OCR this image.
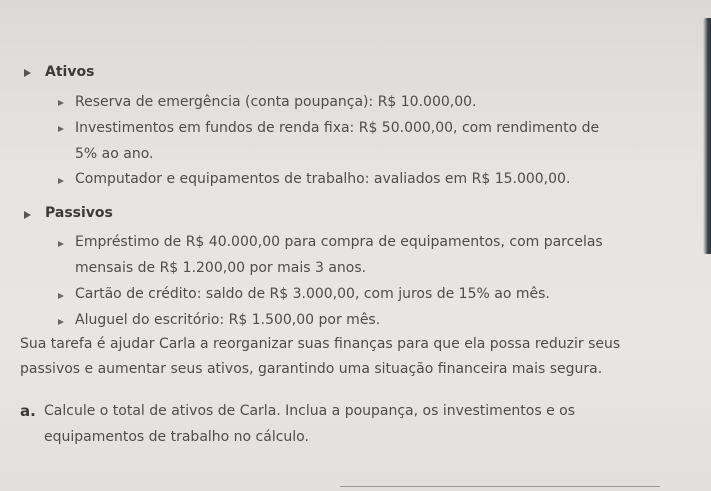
Ativos
Reserva de emergência (conta poupança): R$ 10.000,00.
Investimentos em fundos de renda fixa: R$ 50.000,00, com rendimento de
5% ao ano.
Computador e equipamentos de trabalho: avaliados em R$ 15.000,00.
Passivos
Empréstimo de R$ 40.000,00 para compra de equipamentos, com parcelas
mensais de R$ 1.200,00 por mais 3 anos.
Cartão de crédito: saldo de R$ 3.000,00, com juros de 15% ao mês.
Aluguel do escritório: R$ 1.500,00 por mês.
Sua tarefa é ajudar Carla a reorganizar suas finanças para que ela possa reduzir seus
passivos e aumentar seus ativos, garantindo uma situação financeira mais segura.
a. Calcule o total de ativos de Carla. Inclua a poupança, os investimentos e os
equipamentos de trabalho no cálculo.
